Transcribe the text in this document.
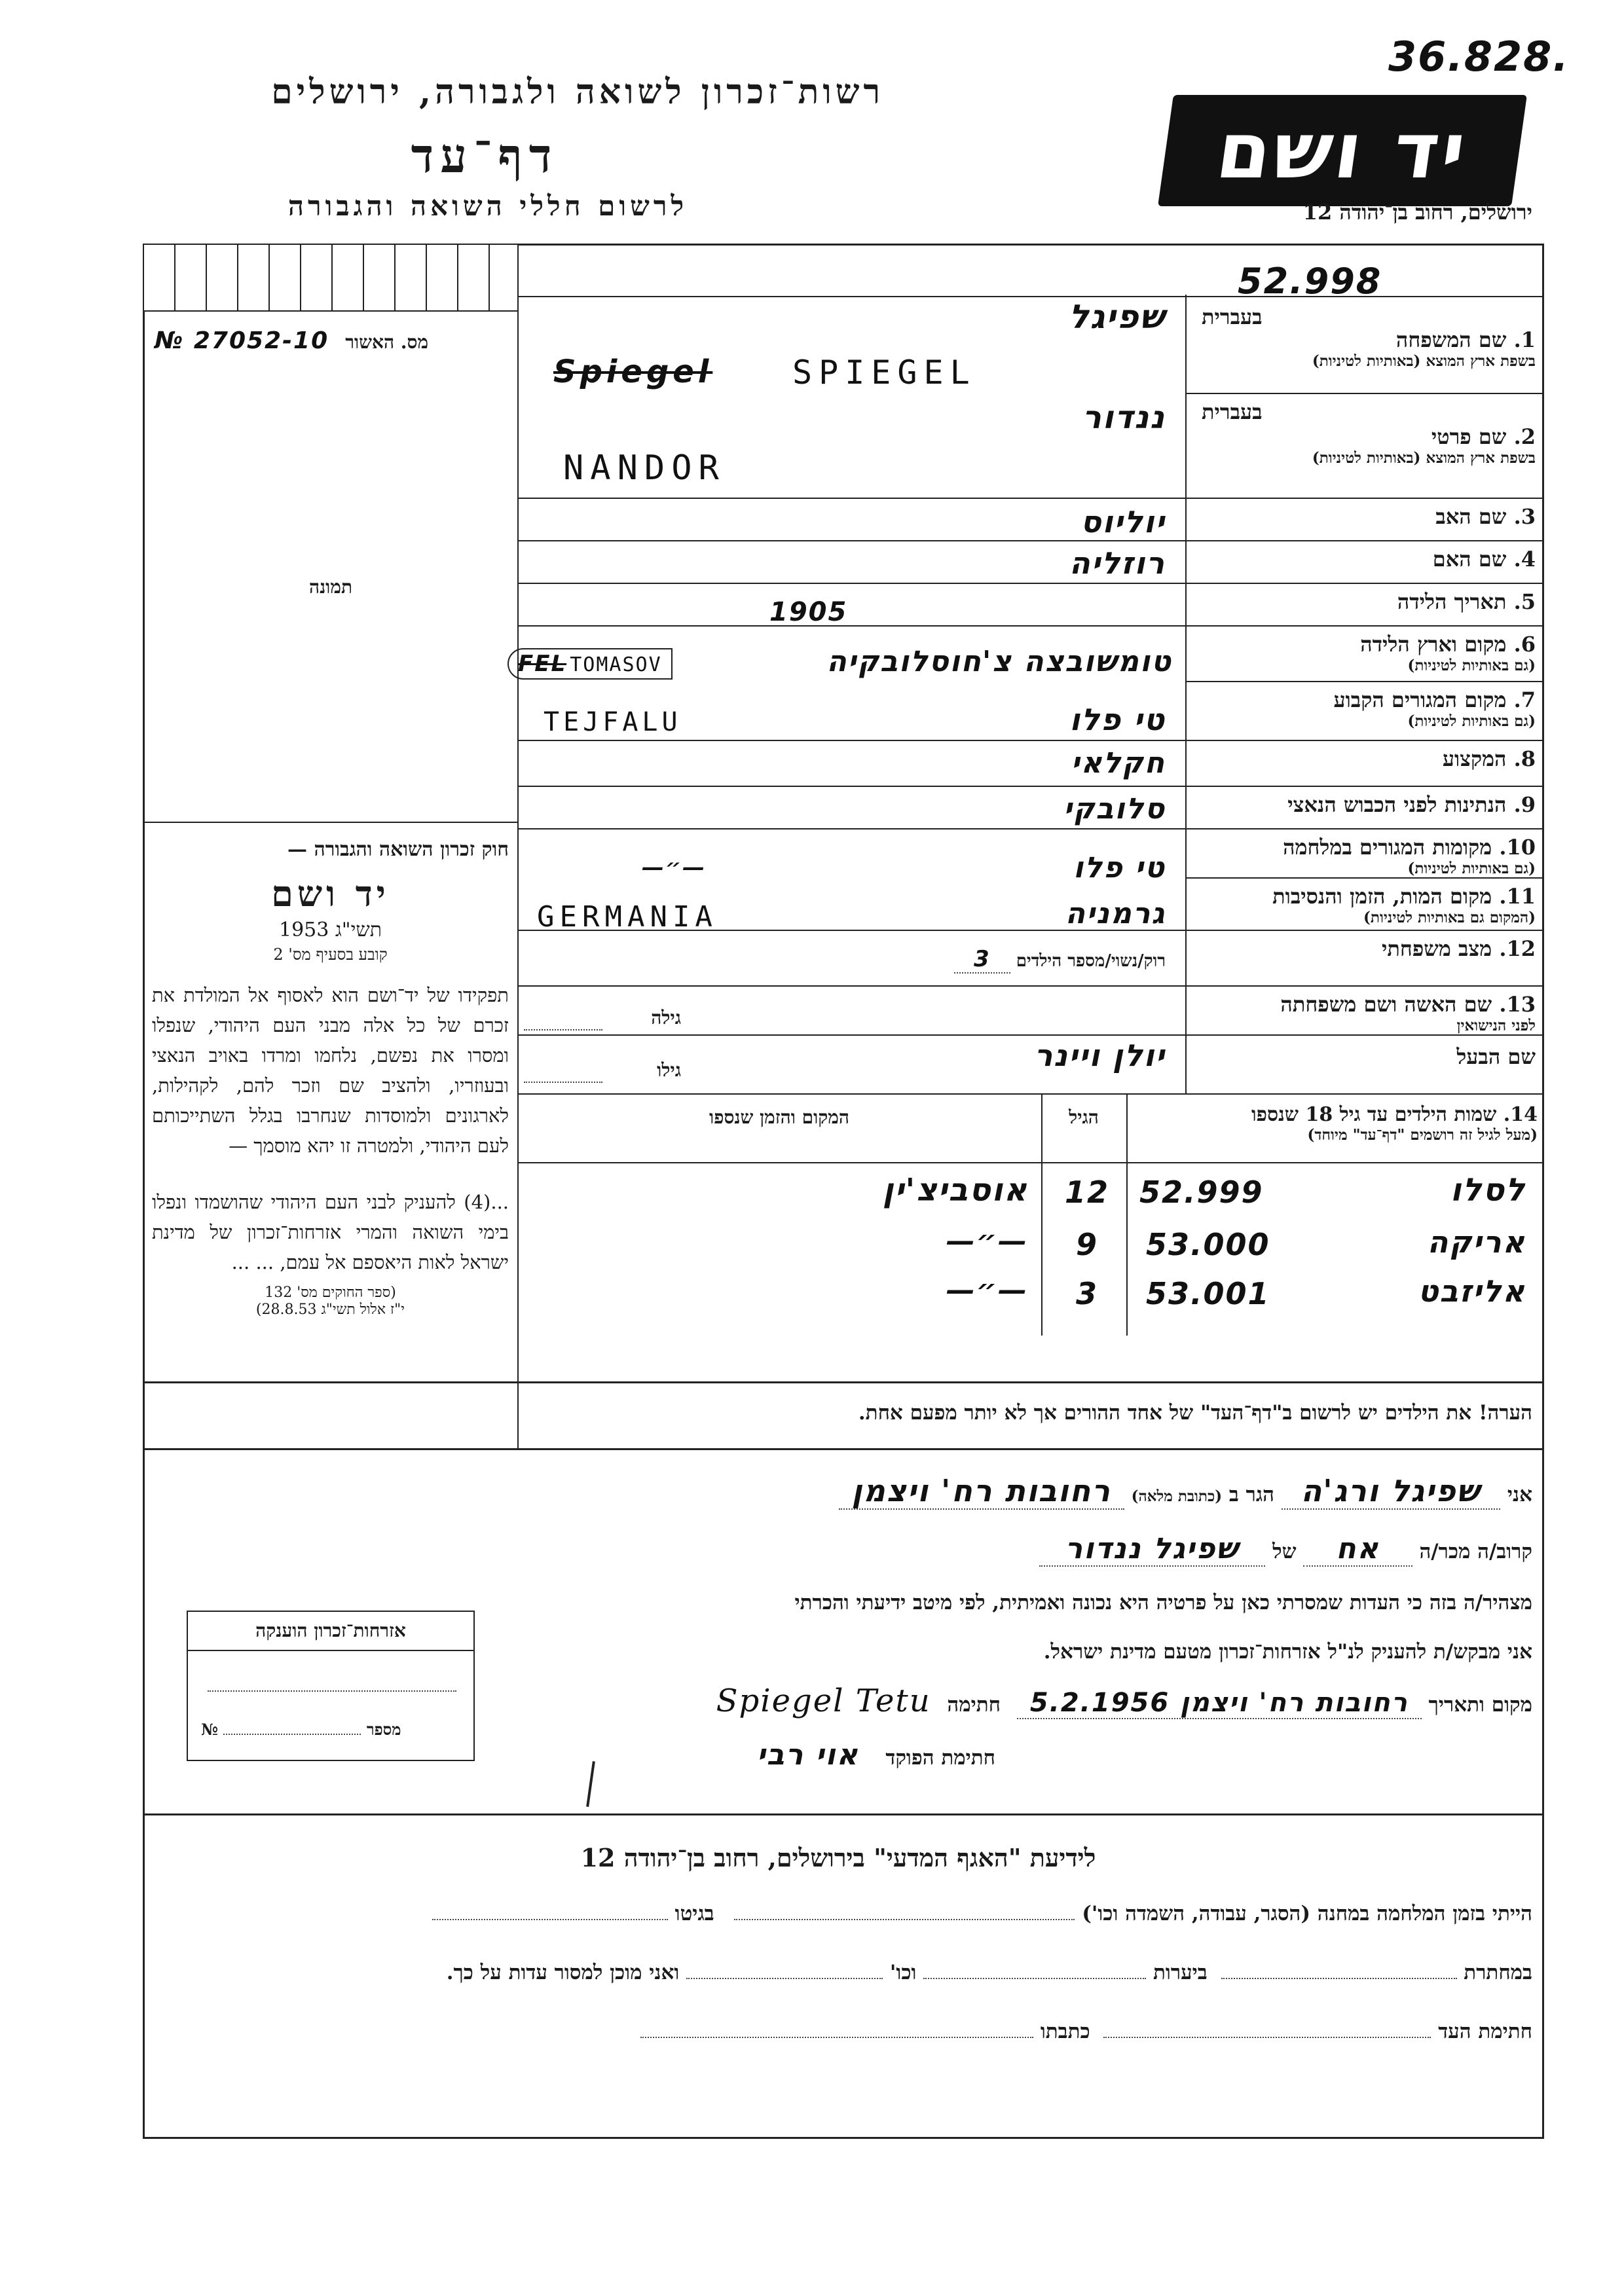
רשות־זכרון לשואה ולגבורה, ירושלים
דף־עד
לרשום חללי השואה והגבורה
יד ושם
36.828.
ירושלים, רחוב בן־יהודה 12
52.998
№ 27052-10 מס. האשור
תמונה
חוק זכרון השואה והגבורה —
יד ושם
תשי"ג 1953
קובע בסעיף מס' 2
תפקידו של יד־ושם הוא לאסוף אל המולדת את זכרם של כל אלה מבני העם היהודי, שנפלו ומסרו את נפשם, נלחמו ומרדו באויב הנאצי ובעוזריו, ולהציב שם וזכר להם, לקהילות, לארגונים ולמוסדות שנחרבו בגלל השתייכותם לעם היהודי, ולמטרה זו יהא מוסמך —
...(4) להעניק לבני העם היהודי שהושמדו ונפלו בימי השואה והמרי אזרחות־זכרון של מדינת ישראל לאות היאספם אל עמם, ... ...
(ספר החוקים מס' 132
י"ז אלול תשי"ג 28.8.53)
1. שם המשפחה
בשפת ארץ המוצא (באותיות לטיניות)
בעברית
שפיגל
Spiegel SPIEGEL
בעברית
2. שם פרטי
בשפת ארץ המוצא (באותיות לטיניות)
ננדור
NANDOR
3. שם האב
יוליוס
4. שם האם
רוזליה
5. תאריך הלידה
1905
6. מקום וארץ הלידה
(גם באותיות לטיניות)
טומשובצה צ'חוסלובקיה
FEL TOMASOV
7. מקום המגורים הקבוע
(גם באותיות לטיניות)
טי פלו
TEJFALU
8. המקצוע
חקלאי
9. הנתינות לפני הכבוש הנאצי
סלובקי
10. מקומות המגורים במלחמה
(גם באותיות לטיניות)
טי פלו
—״—
11. מקום המות, הזמן והנסיבות
(המקום גם באותיות לטיניות)
גרמניה
GERMANIA
12. מצב משפחתי
רוק/נשוי/מספר הילדים 3
13. שם האשה ושם משפחתה
לפני הנישואין
גילה
שם הבעל
יולן ויינר
גילו
14. שמות הילדים עד גיל 18 שנספו
(מעל לגיל זה רושמים "דף־עד" מיוחד)
הגיל
המקום והזמן שנספו
לסלו
52.999
12
אוסביצ'ין
אריקה
53.000
9
—״—
אליזבט
53.001
3
—״—
הערה! את הילדים יש לרשום ב"דף־העד" של אחד ההורים אך לא יותר מפעם אחת.
אני שפיגל ורג'ה הגר ב (כתובת מלאה) רחובות רח' ויצמן
קרוב/ה מכר/ה אח של שפיגל ננדור
מצהיר/ה בזה כי העדות שמסרתי כאן על פרטיה היא נכונה ואמיתית, לפי מיטב ידיעתי והכרתי
אני מבקש/ת להעניק לנ"ל אזרחות־זכרון מטעם מדינת ישראל.
מקום ותאריך רחובות רח' ויצמן 5.2.1956 חתימה Spiegel Tetu
חתימת הפוקד אוי רבי
אזרחות־זכרון הוענקה
№	מספר
לידיעת "האגף המדעי" בירושלים, רחוב בן־יהודה 12
הייתי בזמן המלחמה במחנה (הסגר, עבודה, השמדה וכו')  בגיטו
במחתרת  ביערות  וכו'  ואני מוכן למסור עדות על כך.
חתימת העד  כתבתו
